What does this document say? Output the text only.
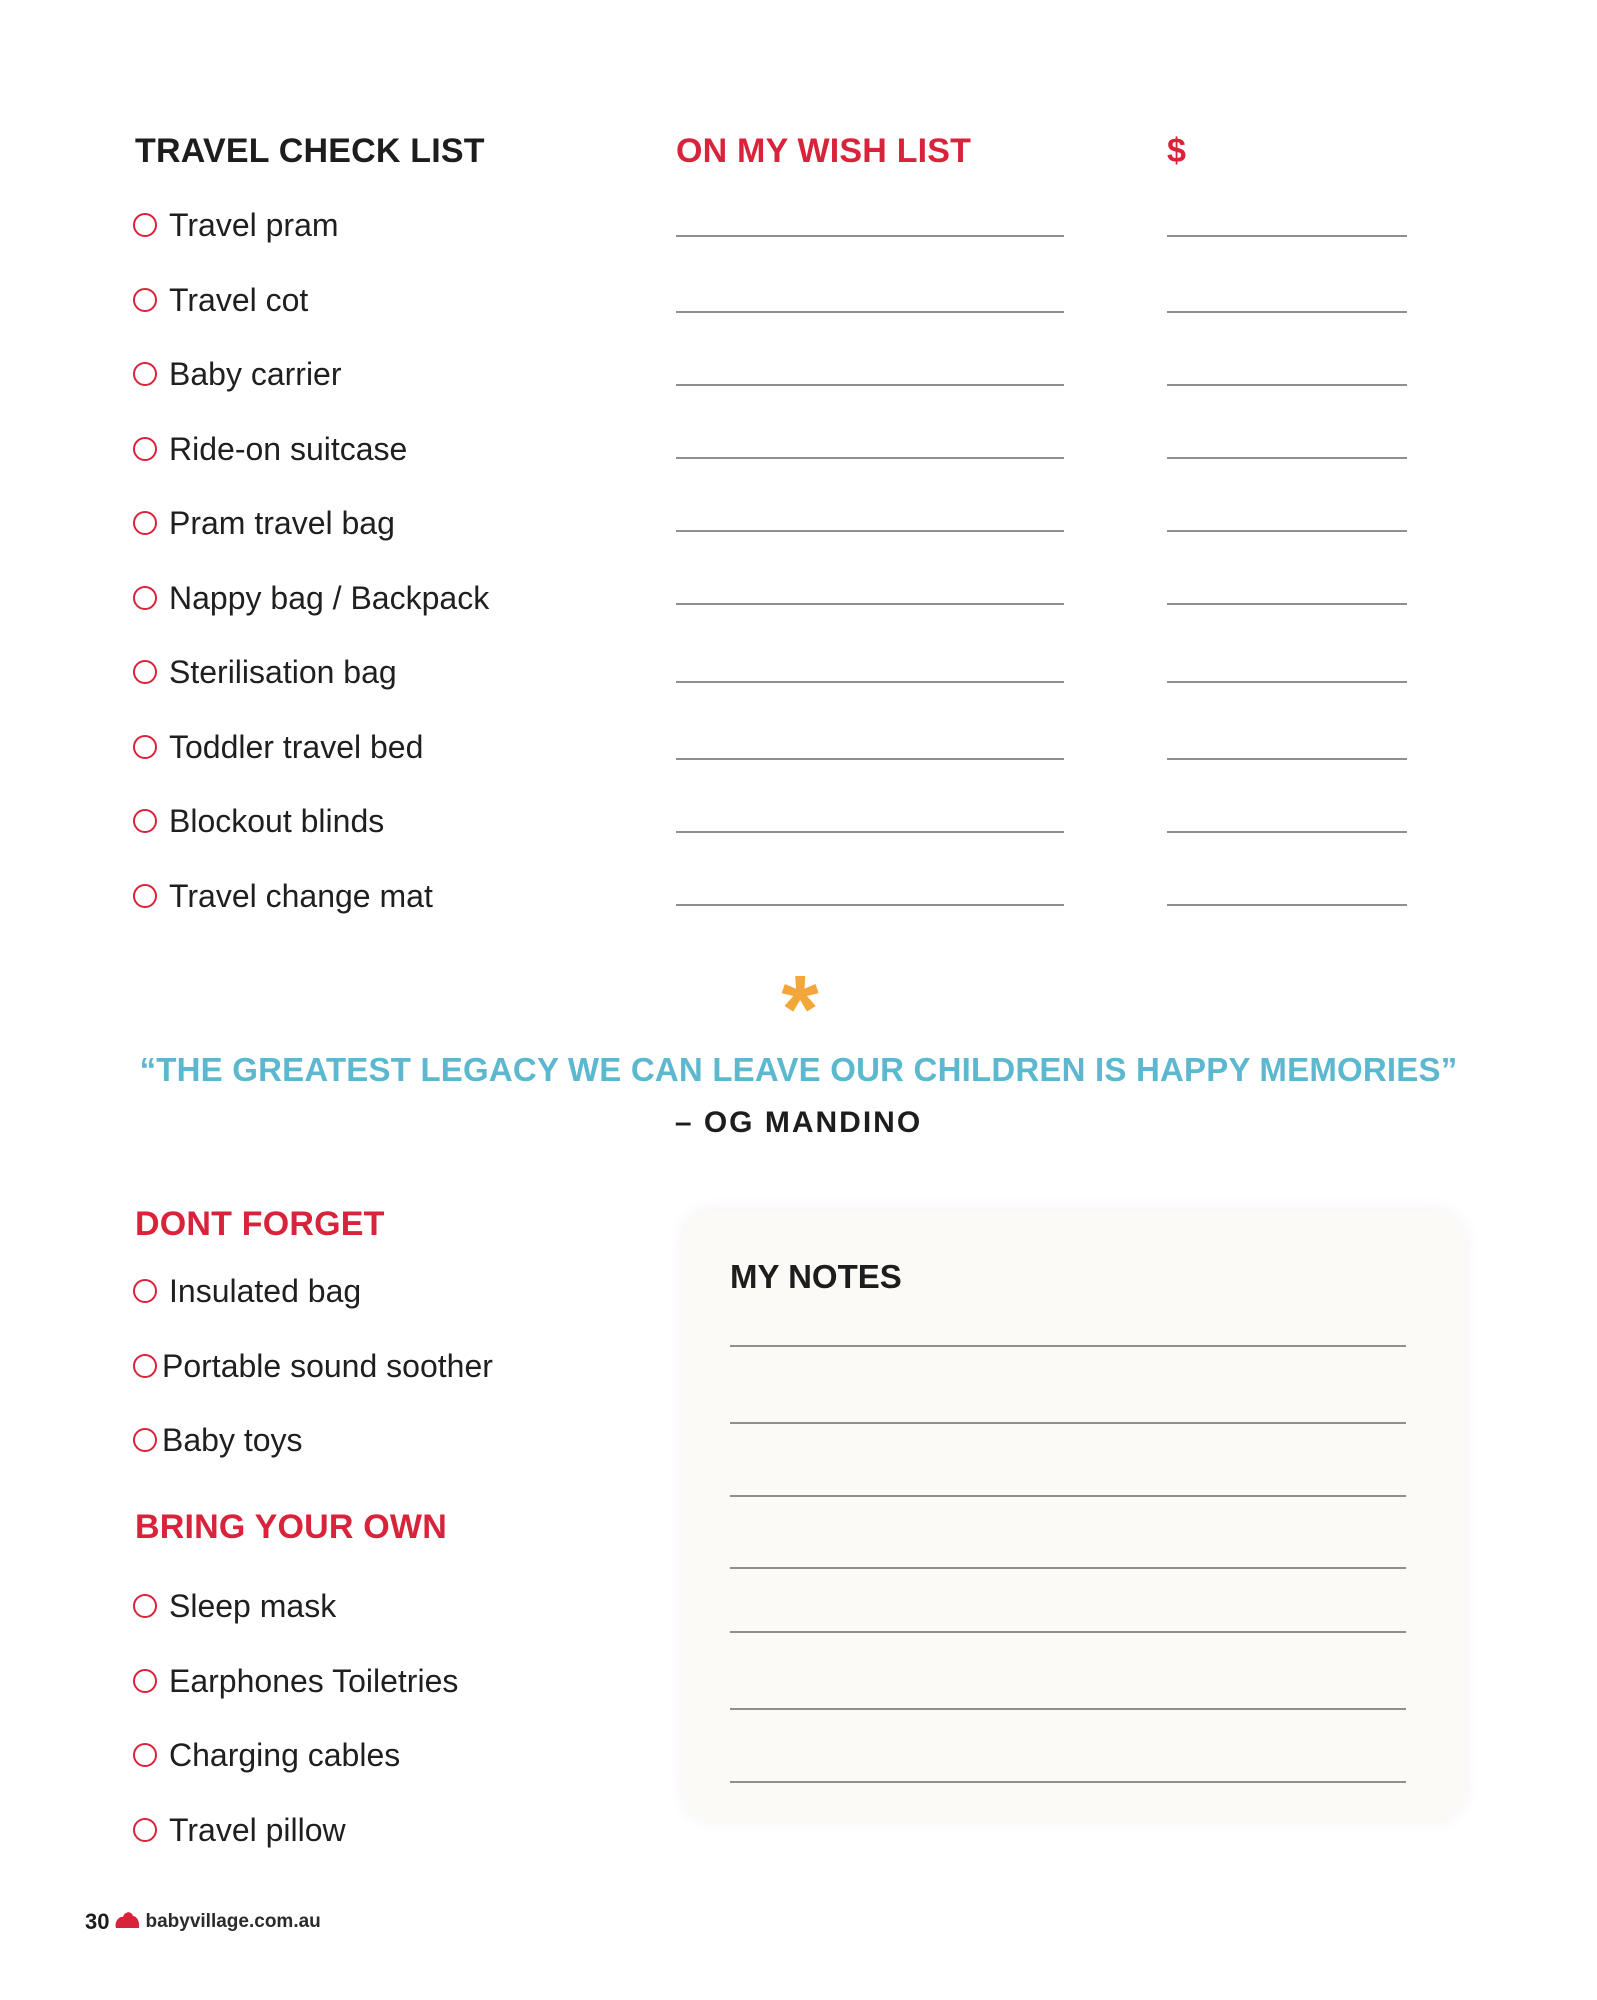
TRAVEL CHECK LIST	ON MY WISH LIST	$
Travel pram
Travel cot
Baby carrier
Ride-on suitcase
Pram travel bag
Nappy bag / Backpack
Sterilisation bag
Toddler travel bed
Blockout blinds
Travel change mat
*
“THE GREATEST LEGACY WE CAN LEAVE OUR CHILDREN IS HAPPY MEMORIES”
– OG MANDINO
DONT FORGET
Insulated bag
Portable sound soother
Baby toys
BRING YOUR OWN
Sleep mask
Earphones Toiletries
Charging cables
Travel pillow
MY NOTES
30 babyvillage.com.au
